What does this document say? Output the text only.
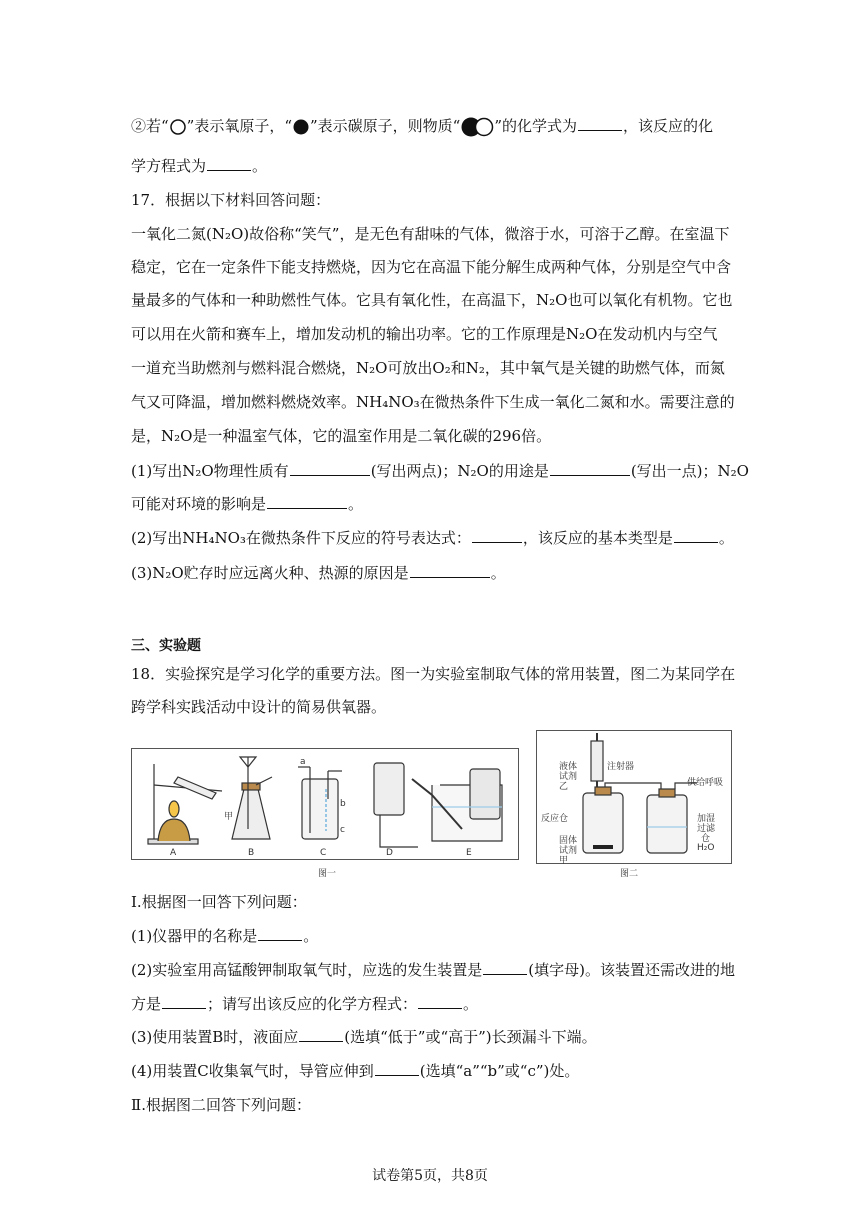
②若“ ”表示氧原子，“ ”表示碳原子，则物质“ ”的化学式为	，该反应的化
学方程式为	。
17．根据以下材料回答问题：
一氧化二氮(N₂O)故俗称“笑气”，是无色有甜味的气体，微溶于水，可溶于乙醇。在室温下
稳定，它在一定条件下能支持燃烧，因为它在高温下能分解生成两种气体，分别是空气中含
量最多的气体和一种助燃性气体。它具有氧化性，在高温下，N₂O也可以氧化有机物。它也
可以用在火箭和赛车上，增加发动机的输出功率。它的工作原理是N₂O在发动机内与空气
一道充当助燃剂与燃料混合燃烧，N₂O可放出O₂和N₂，其中氧气是关键的助燃气体，而氮
气又可降温，增加燃料燃烧效率。NH₄NO₃在微热条件下生成一氧化二氮和水。需要注意的
是，N₂O是一种温室气体，它的温室作用是二氧化碳的296倍。
(1)写出N₂O物理性质有	(写出两点)；N₂O的用途是	(写出一点)；N₂O
可能对环境的影响是	。
(2)写出NH₄NO₃在微热条件下反应的符号表达式：	，该反应的基本类型是	。
(3)N₂O贮存时应远离火种、热源的原因是	。
三、实验题
18．实验探究是学习化学的重要方法。图一为实验室制取气体的常用装置，图二为某同学在
跨学科实践活动中设计的简易供氧器。
A	B	C	D	E
甲
a
b
c
图一
液体
试剂
乙
注射器
供给呼吸
反应仓
固体
试剂
甲
加湿
过滤
仓
H₂O
图二
I.根据图一回答下列问题：
(1)仪器甲的名称是	。
(2)实验室用高锰酸钾制取氧气时，应选的发生装置是	(填字母)。该装置还需改进的地
方是	；请写出该反应的化学方程式：	。
(3)使用装置B时，液面应	(选填“低于”或“高于”)长颈漏斗下端。
(4)用装置C收集氧气时，导管应伸到	(选填“a”“b”或“c”)处。
Ⅱ.根据图二回答下列问题：
试卷第5页，共8页
